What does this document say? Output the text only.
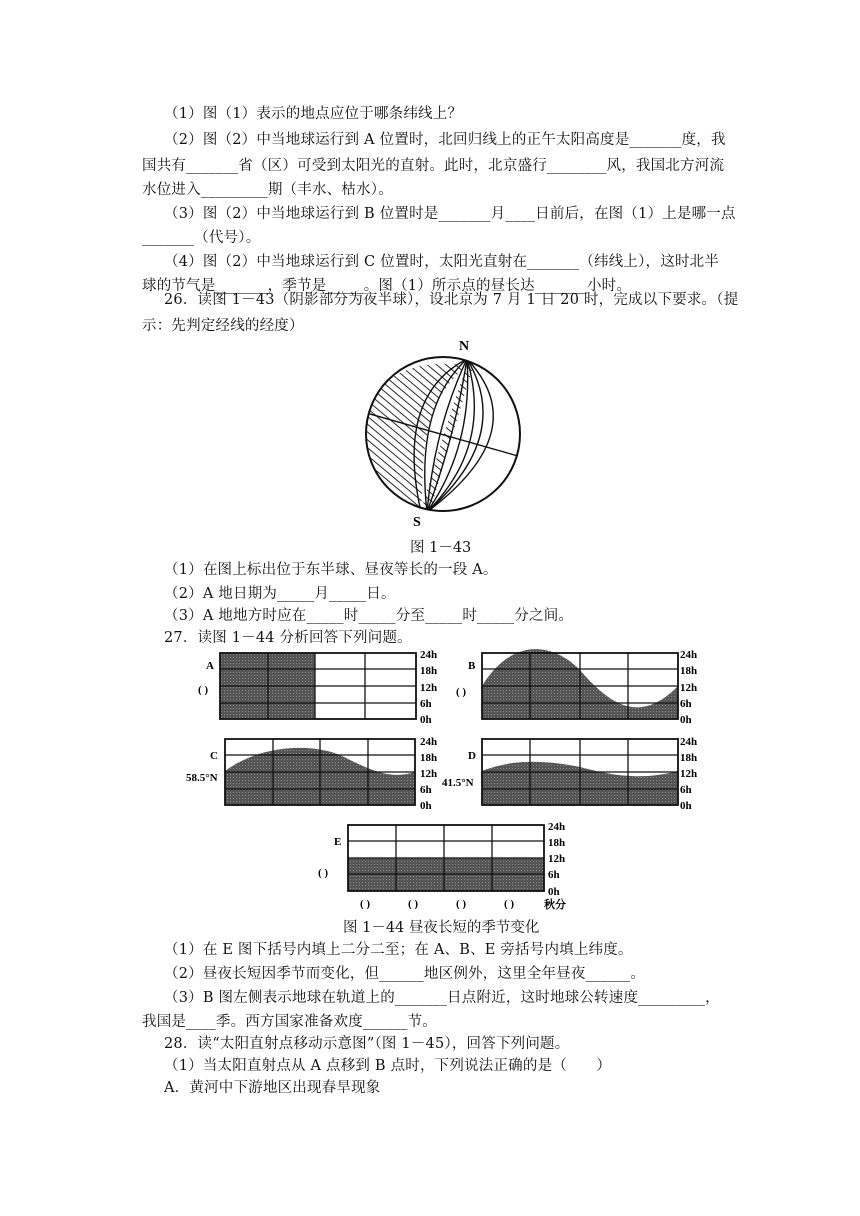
（1）图（1）表示的地点应位于哪条纬线上？
（2）图（2）中当地球运行到 A 位置时，北回归线上的正午太阳高度是_______度，我
国共有_______省（区）可受到太阳光的直射。此时，北京盛行________风，我国北方河流
水位进入_________期（丰水、枯水）。
（3）图（2）中当地球运行到 B 位置时是_______月____日前后，在图（1）上是哪一点
_______（代号）。
（4）图（2）中当地球运行到 C 位置时，太阳光直射在_______（纬线上），这时北半
球的节气是_______，季节是_____。图（1）所示点的昼长达_______小时。
26．读图 1－43（阴影部分为夜半球），设北京为 7 月 1 日 20 时，完成以下要求。（提
示：先判定经线的经度）
N
S
图 1－43
（1）在图上标出位于东半球、昼夜等长的一段 A。
（2）A 地日期为_____月_____日。
（3）A 地地方时应在_____时_____分至_____时_____分之间。
27．读图 1－44 分析回答下列问题。
A
( )
24h
18h
12h
6h
0h
B
( )
24h
18h
12h
6h
0h
C
58.5°N
24h
18h
12h
6h
0h
D
41.5°N
24h
18h
12h
6h
0h
E
( )
24h
18h
12h
6h
0h
( )	( )	( )	( )	秋分
图 1－44 昼夜长短的季节变化
（1）在 E 图下括号内填上二分二至；在 A、B、E 旁括号内填上纬度。
（2）昼夜长短因季节而变化，但______地区例外，这里全年昼夜______。
（3）B 图左侧表示地球在轨道上的_______日点附近，这时地球公转速度_________，
我国是____季。西方国家准备欢度______节。
28．读“太阳直射点移动示意图”（图 1－45），回答下列问题。
（1）当太阳直射点从 A 点移到 B 点时，下列说法正确的是（　　）
A．黄河中下游地区出现春旱现象
